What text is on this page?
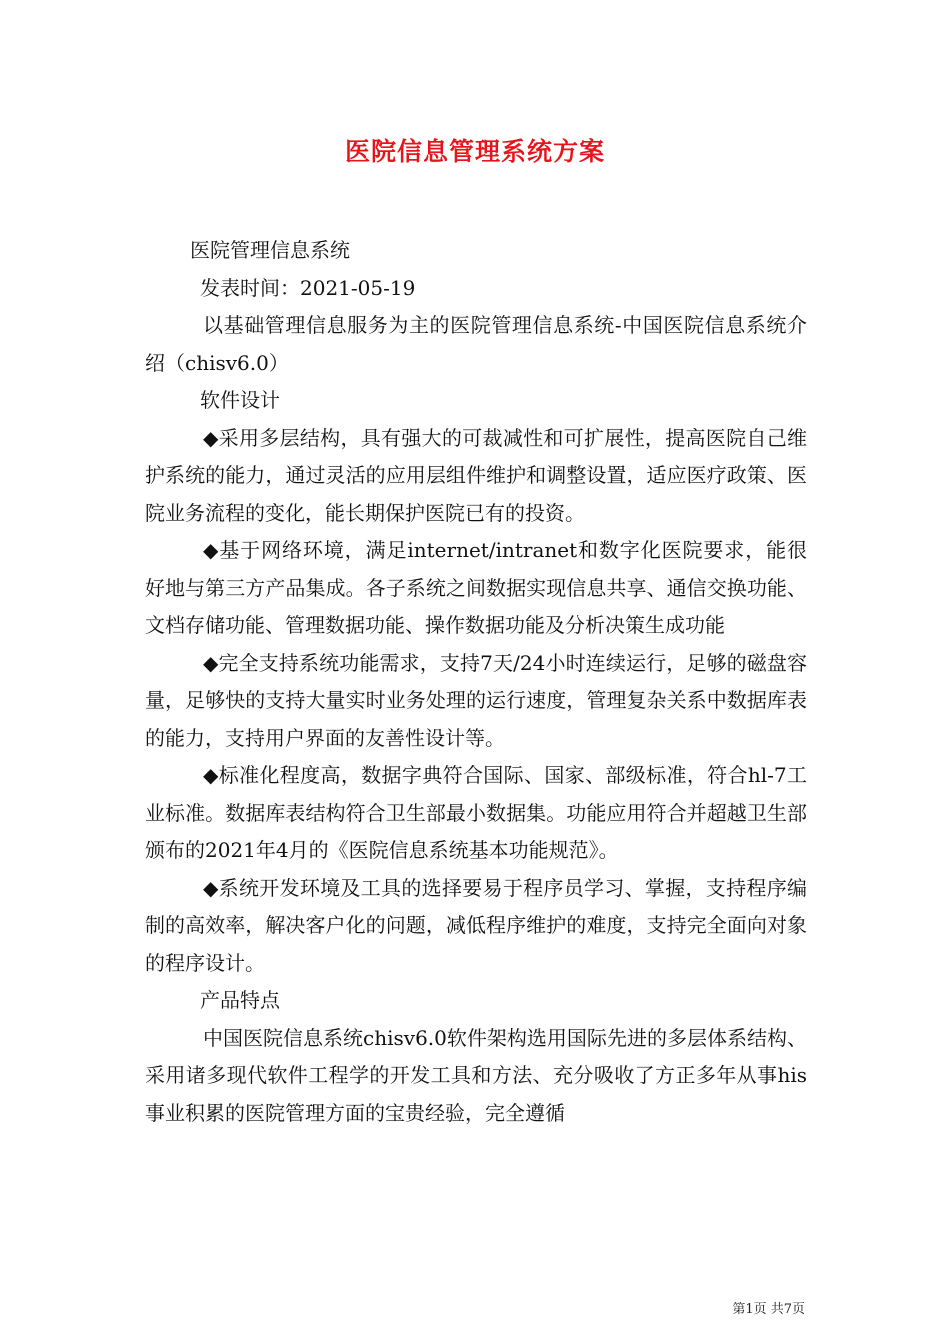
医院信息管理系统方案

医院管理信息系统

发表时间：2021-05-19

以基础管理信息服务为主的医院管理信息系统-中国医院信息系统介绍（chisv6.0）

软件设计

◆采用多层结构，具有强大的可裁减性和可扩展性，提高医院自己维护系统的能力，通过灵活的应用层组件维护和调整设置，适应医疗政策、医院业务流程的变化，能长期保护医院已有的投资。

◆基于网络环境，满足internet/intranet和数字化医院要求，能很好地与第三方产品集成。各子系统之间数据实现信息共享、通信交换功能、文档存储功能、管理数据功能、操作数据功能及分析决策生成功能

◆完全支持系统功能需求，支持7天/24小时连续运行，足够的磁盘容量，足够快的支持大量实时业务处理的运行速度，管理复杂关系中数据库表的能力，支持用户界面的友善性设计等。

◆标准化程度高，数据字典符合国际、国家、部级标准，符合hl-7工业标准。数据库表结构符合卫生部最小数据集。功能应用符合并超越卫生部颁布的2021年4月的《医院信息系统基本功能规范》。

◆系统开发环境及工具的选择要易于程序员学习、掌握，支持程序编制的高效率，解决客户化的问题，减低程序维护的难度，支持完全面向对象的程序设计。

产品特点

中国医院信息系统chisv6.0软件架构选用国际先进的多层体系结构、采用诸多现代软件工程学的开发工具和方法、充分吸收了方正多年从事his事业积累的医院管理方面的宝贵经验，完全遵循

第1页 共7页
